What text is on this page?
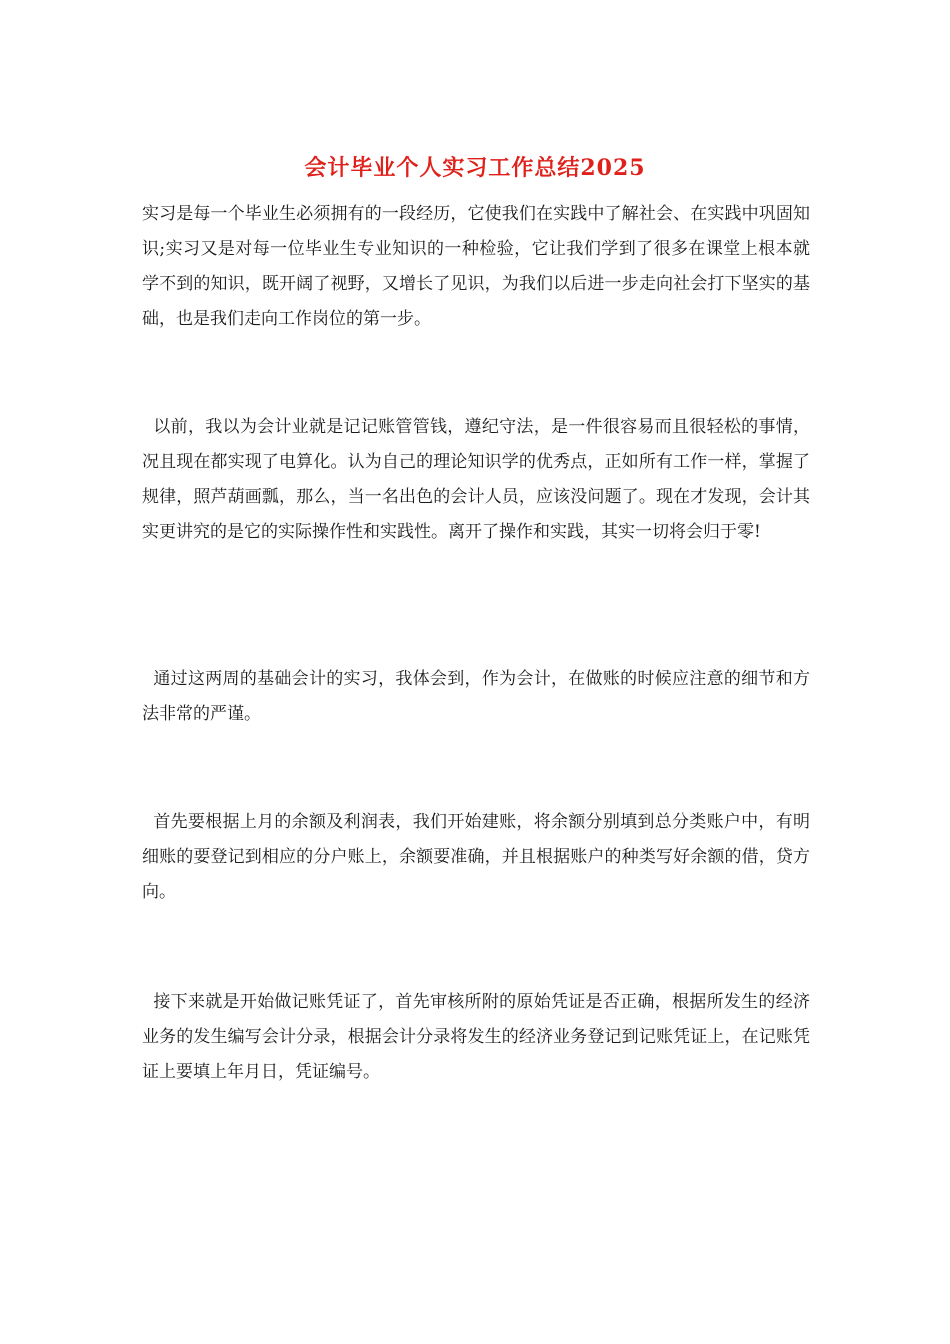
会计毕业个人实习工作总结2025

实习是每一个毕业生必须拥有的一段经历，它使我们在实践中了解社会、在实践中巩固知识;实习又是对每一位毕业生专业知识的一种检验，它让我们学到了很多在课堂上根本就学不到的知识，既开阔了视野，又增长了见识，为我们以后进一步走向社会打下坚实的基础，也是我们走向工作岗位的第一步。

以前，我以为会计业就是记记账管管钱，遵纪守法，是一件很容易而且很轻松的事情，况且现在都实现了电算化。认为自己的理论知识学的优秀点，正如所有工作一样，掌握了规律，照芦葫画瓢，那么，当一名出色的会计人员，应该没问题了。现在才发现，会计其实更讲究的是它的实际操作性和实践性。离开了操作和实践，其实一切将会归于零!

通过这两周的基础会计的实习，我体会到，作为会计，在做账的时候应注意的细节和方法非常的严谨。

首先要根据上月的余额及利润表，我们开始建账，将余额分别填到总分类账户中，有明细账的要登记到相应的分户账上，余额要准确，并且根据账户的种类写好余额的借，贷方向。

接下来就是开始做记账凭证了，首先审核所附的原始凭证是否正确，根据所发生的经济业务的发生编写会计分录，根据会计分录将发生的经济业务登记到记账凭证上，在记账凭证上要填上年月日，凭证编号。
